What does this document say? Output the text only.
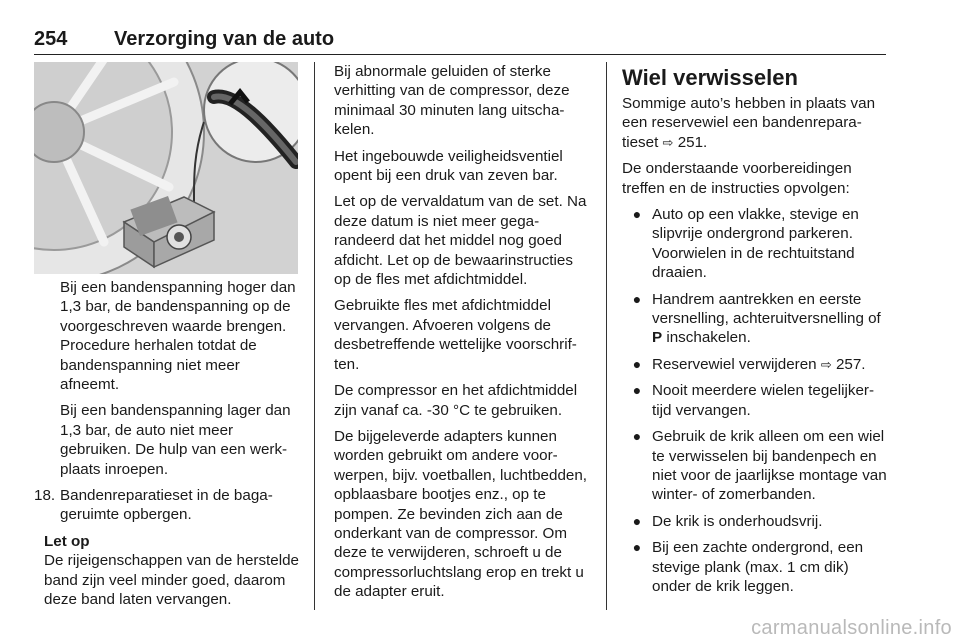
254 Verzorging van de auto

Bij een bandenspanning hoger dan 1,3 bar, de bandenspanning op de voorgeschreven waarde brengen. Procedure herhalen totdat de bandenspanning niet meer afneemt.

Bij een bandenspanning lager dan 1,3 bar, de auto niet meer gebruiken. De hulp van een werkplaats inroepen.

18. Bandenreparatieset in de bagageruimte opbergen.
Let op
De rijeigenschappen van de herstelde band zijn veel minder goed, daarom deze band laten vervangen.

Bij abnormale geluiden of sterke verhitting van de compressor, deze minimaal 30 minuten lang uitschakelen.

Het ingebouwde veiligheidsventiel opent bij een druk van zeven bar.

Let op de vervaldatum van de set. Na deze datum is niet meer gegarandeerd dat het middel nog goed afdicht. Let op de bewaarinstructies op de fles met afdichtmiddel.

Gebruikte fles met afdichtmiddel vervangen. Afvoeren volgens de desbetreffende wettelijke voorschriften.

De compressor en het afdichtmiddel zijn vanaf ca. -30 °C te gebruiken.

De bijgeleverde adapters kunnen worden gebruikt om andere voorwerpen, bijv. voetballen, luchtbedden, opblaasbare bootjes enz., op te pompen. Ze bevinden zich aan de onderkant van de compressor. Om deze te verwijderen, schroeft u de compressorluchtslang erop en trekt u de adapter eruit.

Wiel verwisselen

Sommige auto’s hebben in plaats van een reservewiel een bandenreparatieset ⇨ 251.

De onderstaande voorbereidingen treffen en de instructies opvolgen:

● Auto op een vlakke, stevige en slipvrije ondergrond parkeren. Voorwielen in de rechtuitstand draaien.
● Handrem aantrekken en eerste versnelling, achteruitversnelling of P inschakelen.
● Reservewiel verwijderen ⇨ 257.
● Nooit meerdere wielen tegelijkertijd vervangen.
● Gebruik de krik alleen om een wiel te verwisselen bij bandenpech en niet voor de jaarlijkse montage van winter- of zomerbanden.
● De krik is onderhoudsvrij.
● Bij een zachte ondergrond, een stevige plank (max. 1 cm dik) onder de krik leggen.
carmanualsonline.info
